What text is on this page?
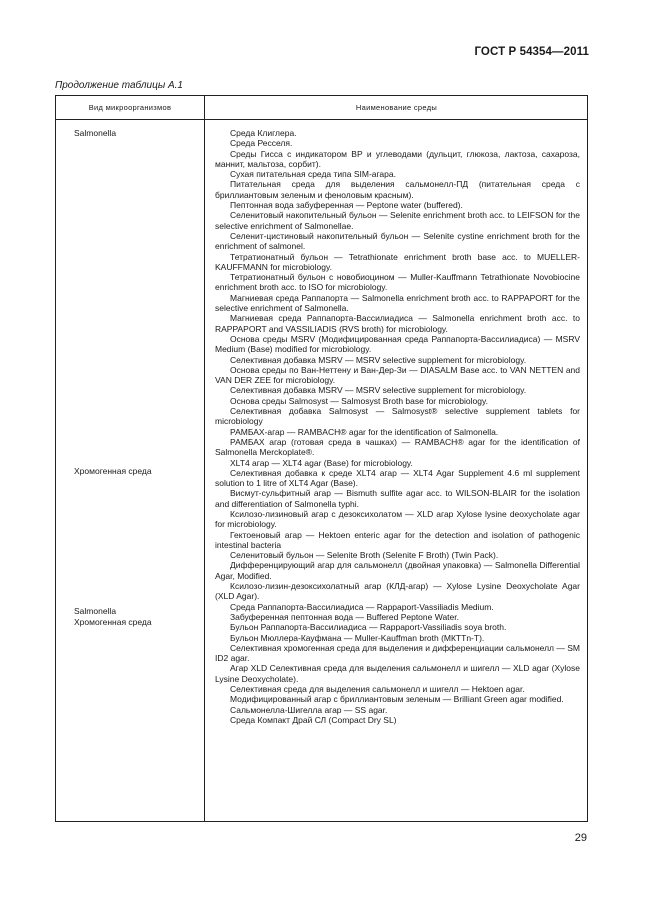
ГОСТ Р 54354—2011
Продолжение таблицы А.1
Вид микроорганизмов	Наименование среды
Salmonella
Хромогенная среда
Salmonella
Хромогенная среда

Среда Клиглера.

Среда Ресселя.

Среды Гисса с индикатором ВР и углеводами (дульцит, глюкоза, лактоза, сахароза, маннит, мальтоза, сорбит).

Сухая питательная среда типа SIM-агара.

Питательная среда для выделения сальмонелл-ПД (питательная среда с бриллиантовым зеленым и феноловым красным).

Пептонная вода забуференная — Peptone water (buffered).

Селенитовый накопительный бульон — Selenite enrichment broth acc. to LEIFSON for the selective enrichment of Salmonellae.

Селенит-цистиновый накопительный бульон — Selenite cystine enrichment broth for the enrichment of salmonel.

Тетратионатный бульон — Tetrathionate enrichment broth base acc. to MUELLER-KAUFFMANN for microbiology.

Тетратионатный бульон с новобиоцином — Muller-Kauffmann Tetrathionate Novobiocine enrichment broth acc. to ISO for microbiology.

Магниевая среда Раппапорта — Salmonella enrichment broth acc. to RAPPAPORT for the selective enrichment of Salmonella.

Магниевая среда Раппапорта-Вассилиадиса — Salmonella enrichment broth acc. to RAPPAPORT and VASSILIADIS (RVS broth) for microbiology.

Основа среды MSRV (Модифицированная среда Раппапорта-Вассилиадиса) — MSRV Medium (Base) modified for microbiology.

Селективная добавка MSRV — MSRV selective supplement for microbiology.

Основа среды по Ван-Неттену и Ван-Дер-Зи — DIASALM Base acc. to VAN NETTEN and VAN DER ZEE for microbiology.

Селективная добавка MSRV — MSRV selective supplement for microbiology.

Основа среды Salmosyst — Salmosyst Broth base for microbiology.

Селективная добавка Salmosyst — Salmosyst® selective supplement tablets for microbiology

РАМБАХ-агар — RAMBACH® agar for the identification of Salmonella.

РАМБАХ агар (готовая среда в чашках) — RAMBACH® agar for the identification of Salmonella Merckoplate®.

XLT4 агар — XLT4 agar (Base) for microbiology.

Селективная добавка к среде XLT4 агар — XLT4 Agar Supplement 4.6 ml supplement solution to 1 litre of XLT4 Agar (Base).

Висмут-сульфитный агар — Bismuth sulfite agar acc. to WILSON-BLAIR for the isolation and differentiation of Salmonella typhi.

Ксилозо-лизиновый агар с дезоксихолатом — XLD агар Xylose lysine deoxycholate agar for microbiology.

Гектоеновый агар — Hektoen enteric agar for the detection and isolation of pathogenic intestinal bacteria

Селенитовый бульон — Selenite Broth (Selenite F Broth) (Twin Pack).

Дифференцирующий агар для сальмонелл (двойная упаковка) — Salmonella Differential Agar, Modified.

Ксилозо-лизин-дезоксихолатный агар (КЛД-агар) — Xylose Lysine Deoxycholate Agar (XLD Agar).

Среда Раппапорта-Вассилиадиса — Rappaport-Vassiliadis Medium.

Забуференная пептонная вода — Buffered Peptone Water.

Бульон Раппапорта-Вассилиадиса — Rappaport-Vassiliadis soya broth.

Бульон Мюллера-Кауфмана — Muller-Kauffman broth (МКТТn-Т).

Селективная хромогенная среда для выделения и дифференциации сальмонелл — SM ID2 agar.

Агар XLD Селективная среда для выделения сальмонелл и шигелл — XLD agar (Xylose Lysine Deoxycholate).

Селективная среда для выделения сальмонелл и шигелл — Hektoen agar.

Модифицированный агар с бриллиантовым зеленым — Brilliant Green agar modified.

Сальмонелла-Шигелла агар — SS agar.

Среда Компакт Драй СЛ (Compact Dry SL)

29
